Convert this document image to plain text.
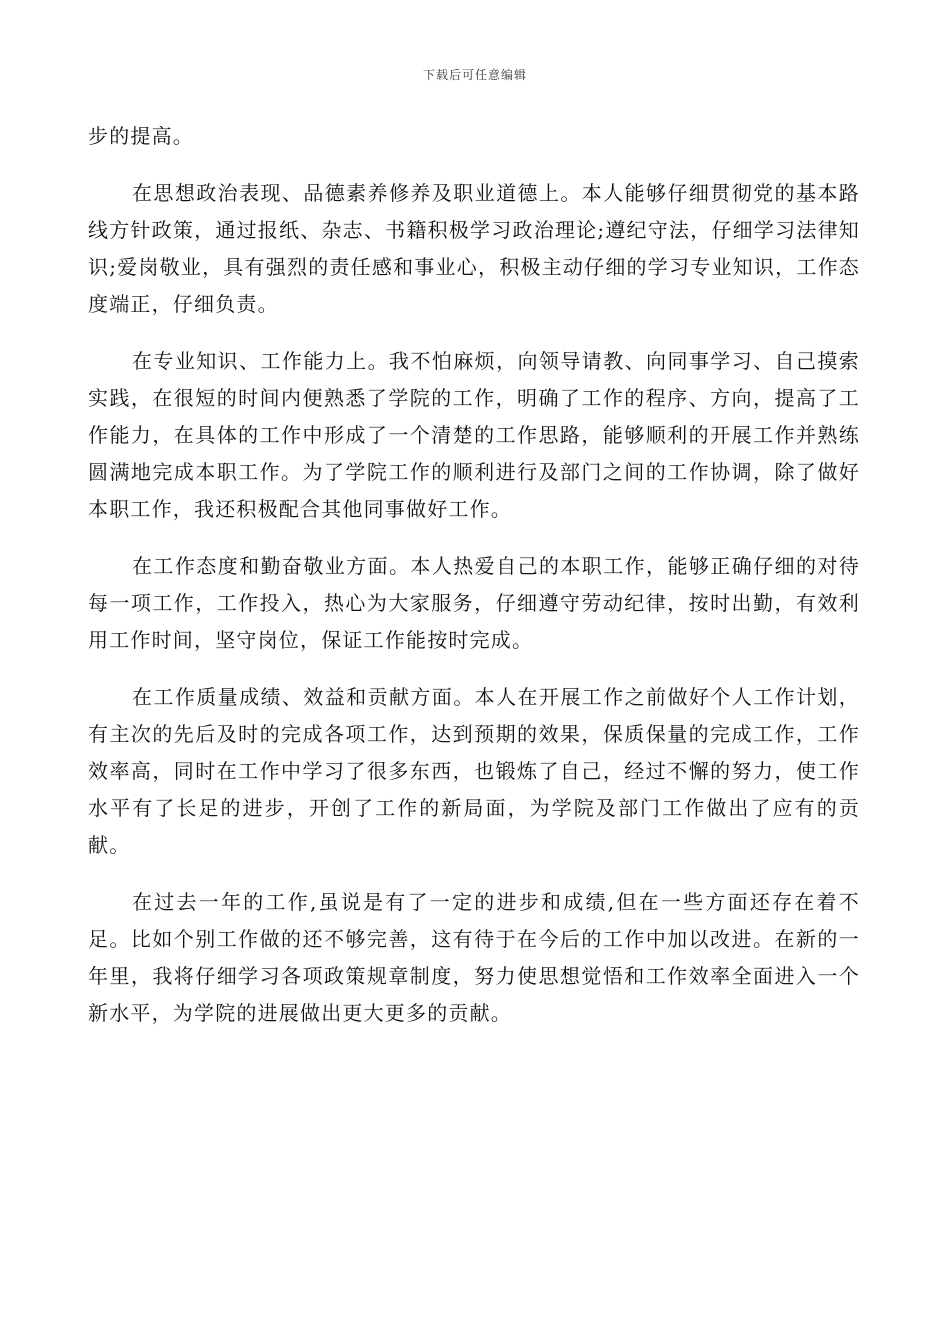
下载后可任意编辑

步的提高。

在思想政治表现、品德素养修养及职业道德上。本人能够仔细贯彻党的基本路线方针政策，通过报纸、杂志、书籍积极学习政治理论;遵纪守法，仔细学习法律知识;爱岗敬业，具有强烈的责任感和事业心，积极主动仔细的学习专业知识，工作态度端正，仔细负责。

在专业知识、工作能力上。我不怕麻烦，向领导请教、向同事学习、自己摸索实践，在很短的时间内便熟悉了学院的工作，明确了工作的程序、方向，提高了工作能力，在具体的工作中形成了一个清楚的工作思路，能够顺利的开展工作并熟练圆满地完成本职工作。为了学院工作的顺利进行及部门之间的工作协调，除了做好本职工作，我还积极配合其他同事做好工作。

在工作态度和勤奋敬业方面。本人热爱自己的本职工作，能够正确仔细的对待每一项工作，工作投入，热心为大家服务，仔细遵守劳动纪律，按时出勤，有效利用工作时间，坚守岗位，保证工作能按时完成。

在工作质量成绩、效益和贡献方面。本人在开展工作之前做好个人工作计划，有主次的先后及时的完成各项工作，达到预期的效果，保质保量的完成工作，工作效率高，同时在工作中学习了很多东西，也锻炼了自己，经过不懈的努力，使工作水平有了长足的进步，开创了工作的新局面，为学院及部门工作做出了应有的贡献。

在过去一年的工作,虽说是有了一定的进步和成绩,但在一些方面还存在着不足。比如个别工作做的还不够完善，这有待于在今后的工作中加以改进。在新的一年里，我将仔细学习各项政策规章制度，努力使思想觉悟和工作效率全面进入一个新水平，为学院的进展做出更大更多的贡献。
